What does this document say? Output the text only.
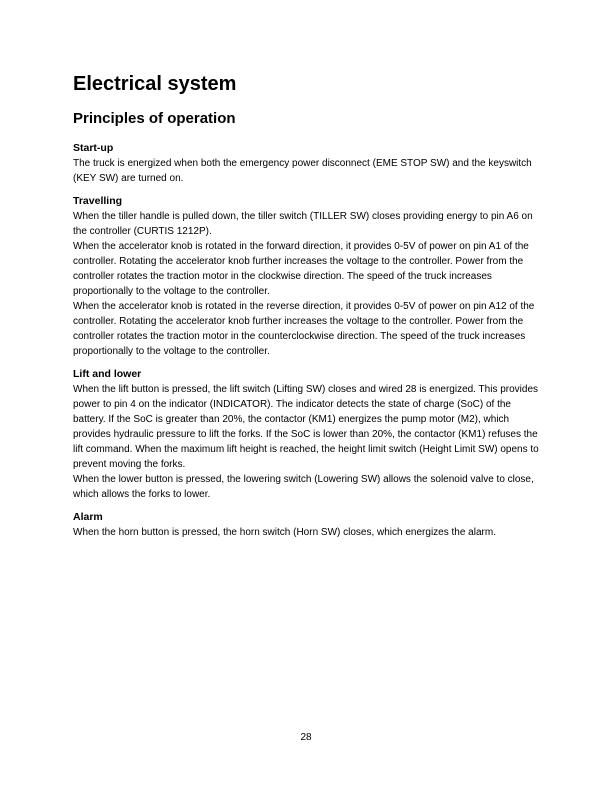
Electrical system
Principles of operation
Start-up

The truck is energized when both the emergency power disconnect (EME STOP SW) and the keyswitch (KEY SW) are turned on.

Travelling

When the tiller handle is pulled down, the tiller switch (TILLER SW) closes providing energy to pin A6 on the controller (CURTIS 1212P).

When the accelerator knob is rotated in the forward direction, it provides 0-5V of power on pin A1 of the controller. Rotating the accelerator knob further increases the voltage to the controller. Power from the controller rotates the traction motor in the clockwise direction. The speed of the truck increases proportionally to the voltage to the controller.

When the accelerator knob is rotated in the reverse direction, it provides 0-5V of power on pin A12 of the controller. Rotating the accelerator knob further increases the voltage to the controller. Power from the controller rotates the traction motor in the counterclockwise direction. The speed of the truck increases proportionally to the voltage to the controller.

Lift and lower

When the lift button is pressed, the lift switch (Lifting SW) closes and wired 28 is energized. This provides power to pin 4 on the indicator (INDICATOR). The indicator detects the state of charge (SoC) of the battery. If the SoC is greater than 20%, the contactor (KM1) energizes the pump motor (M2), which provides hydraulic pressure to lift the forks. If the SoC is lower than 20%, the contactor (KM1) refuses the lift command. When the maximum lift height is reached, the height limit switch (Height Limit SW) opens to prevent moving the forks.

When the lower button is pressed, the lowering switch (Lowering SW) allows the solenoid valve to close, which allows the forks to lower.

Alarm

When the horn button is pressed, the horn switch (Horn SW) closes, which energizes the alarm.

28
